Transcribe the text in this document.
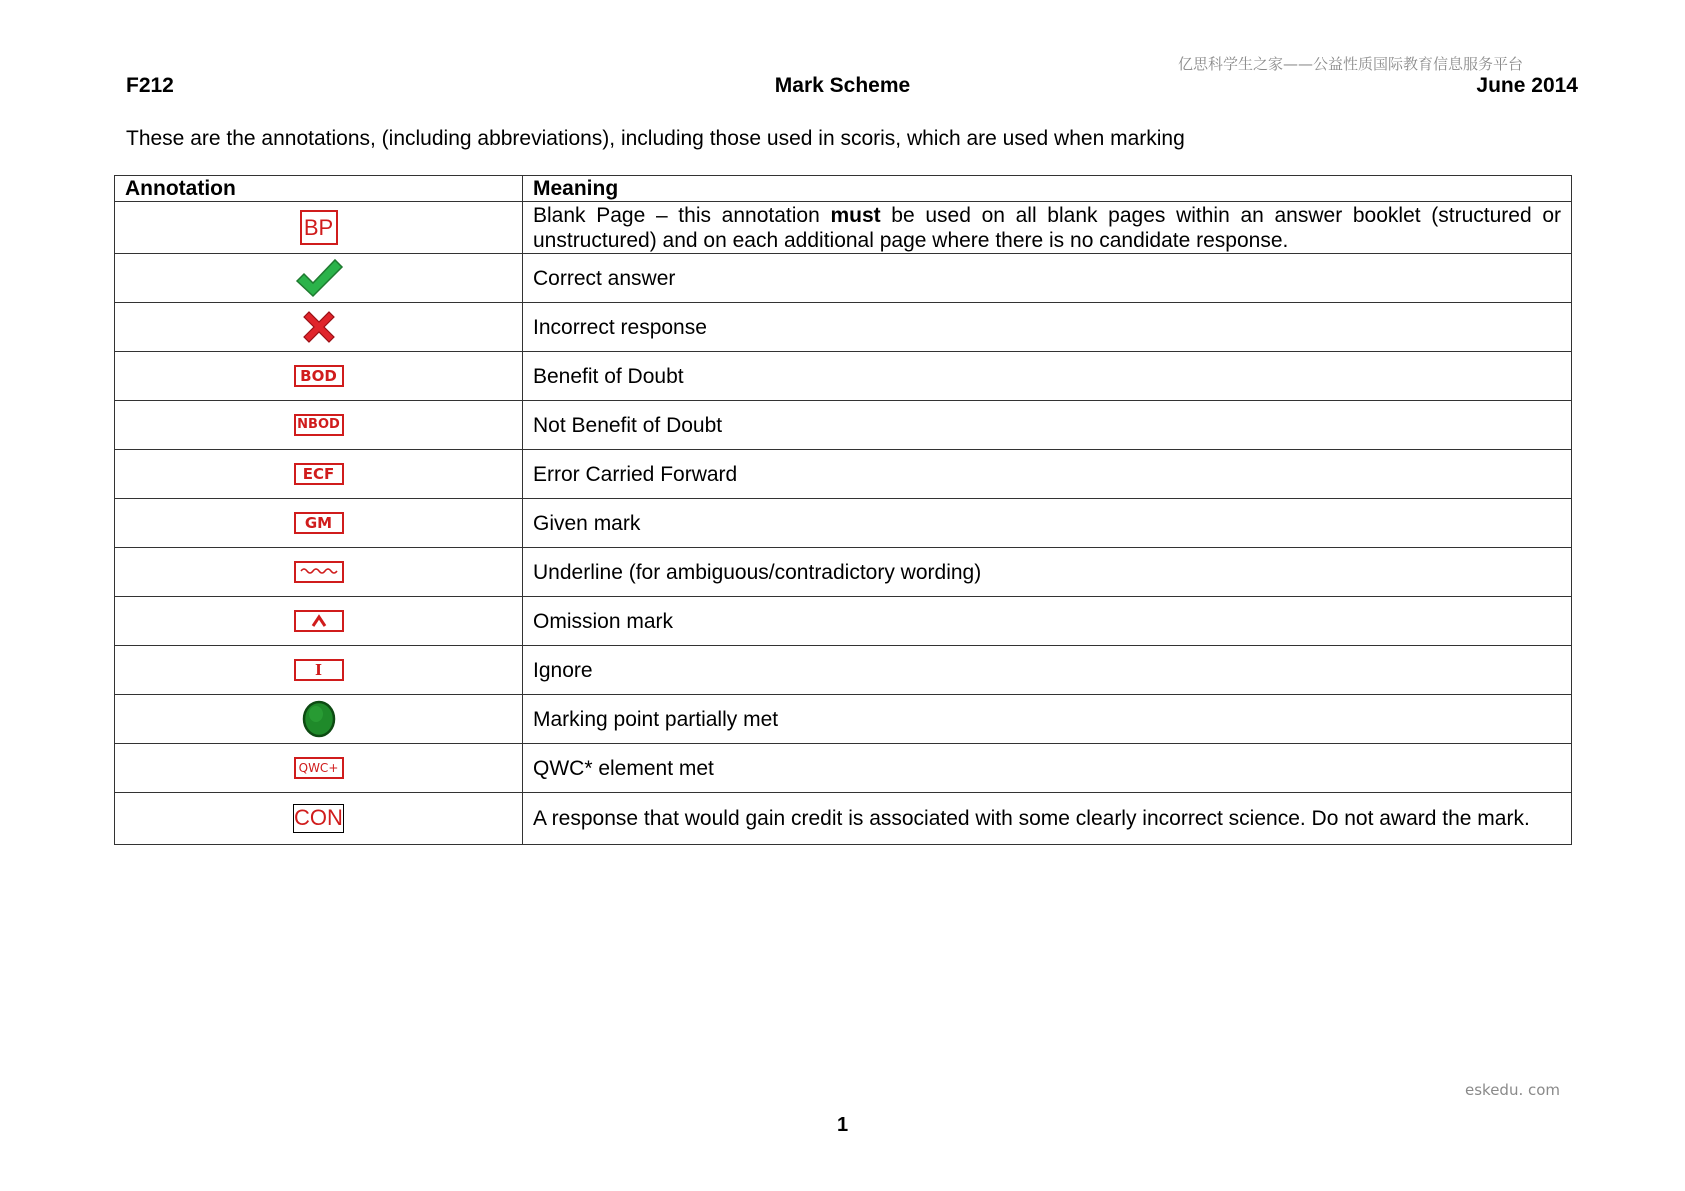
亿思科学生之家——公益性质国际教育信息服务平台
F212	Mark Scheme	June 2014
These are the annotations, (including abbreviations), including those used in scoris, which are used when marking
Annotation	Meaning
BP	Blank Page – this annotation must be used on all blank pages within an answer booklet (structured or unstructured) and on each additional page where there is no candidate response.
	Correct answer
	Incorrect response
BOD	Benefit of Doubt
NBOD	Not Benefit of Doubt
ECF	Error Carried Forward
GM	Given mark

	Underline (for ambiguous/contradictory wording)

	Omission mark
I	Ignore
	Marking point partially met
QWC+	QWC* element met
CON	A response that would gain credit is associated with some clearly incorrect science. Do not award the mark.
eskedu. com
1
